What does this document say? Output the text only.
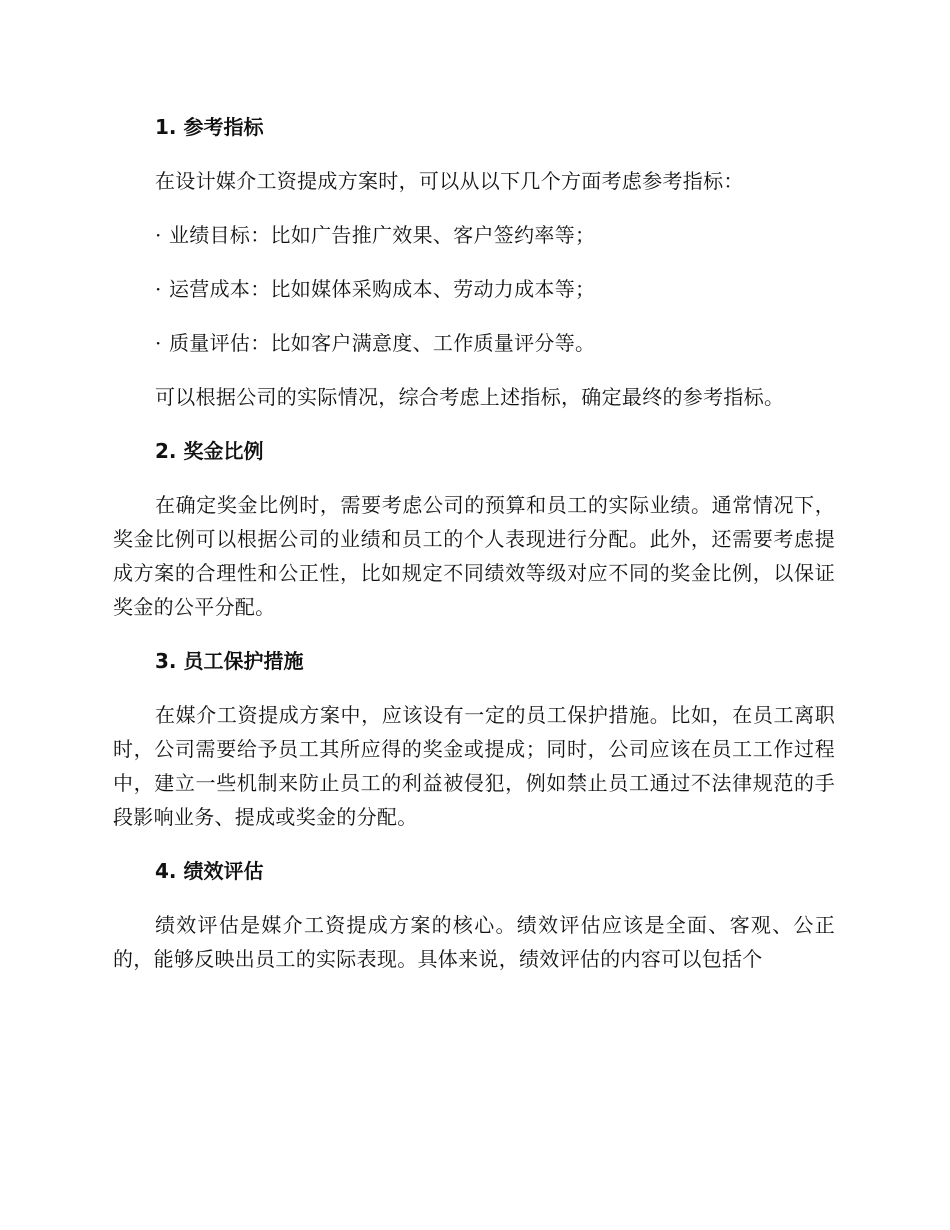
1. 参考指标

在设计媒介工资提成方案时，可以从以下几个方面考虑参考指标：

· 业绩目标：比如广告推广效果、客户签约率等；
· 运营成本：比如媒体采购成本、劳动力成本等；
· 质量评估：比如客户满意度、工作质量评分等。

可以根据公司的实际情况，综合考虑上述指标，确定最终的参考指标。

2. 奖金比例

在确定奖金比例时，需要考虑公司的预算和员工的实际业绩。通常情况下，奖金比例可以根据公司的业绩和员工的个人表现进行分配。此外，还需要考虑提成方案的合理性和公正性，比如规定不同绩效等级对应不同的奖金比例，以保证奖金的公平分配。

3. 员工保护措施

在媒介工资提成方案中，应该设有一定的员工保护措施。比如，在员工离职时，公司需要给予员工其所应得的奖金或提成；同时，公司应该在员工工作过程中，建立一些机制来防止员工的利益被侵犯，例如禁止员工通过不法律规范的手段影响业务、提成或奖金的分配。

4. 绩效评估

绩效评估是媒介工资提成方案的核心。绩效评估应该是全面、客观、公正的，能够反映出员工的实际表现。具体来说，绩效评估的内容可以包括个
